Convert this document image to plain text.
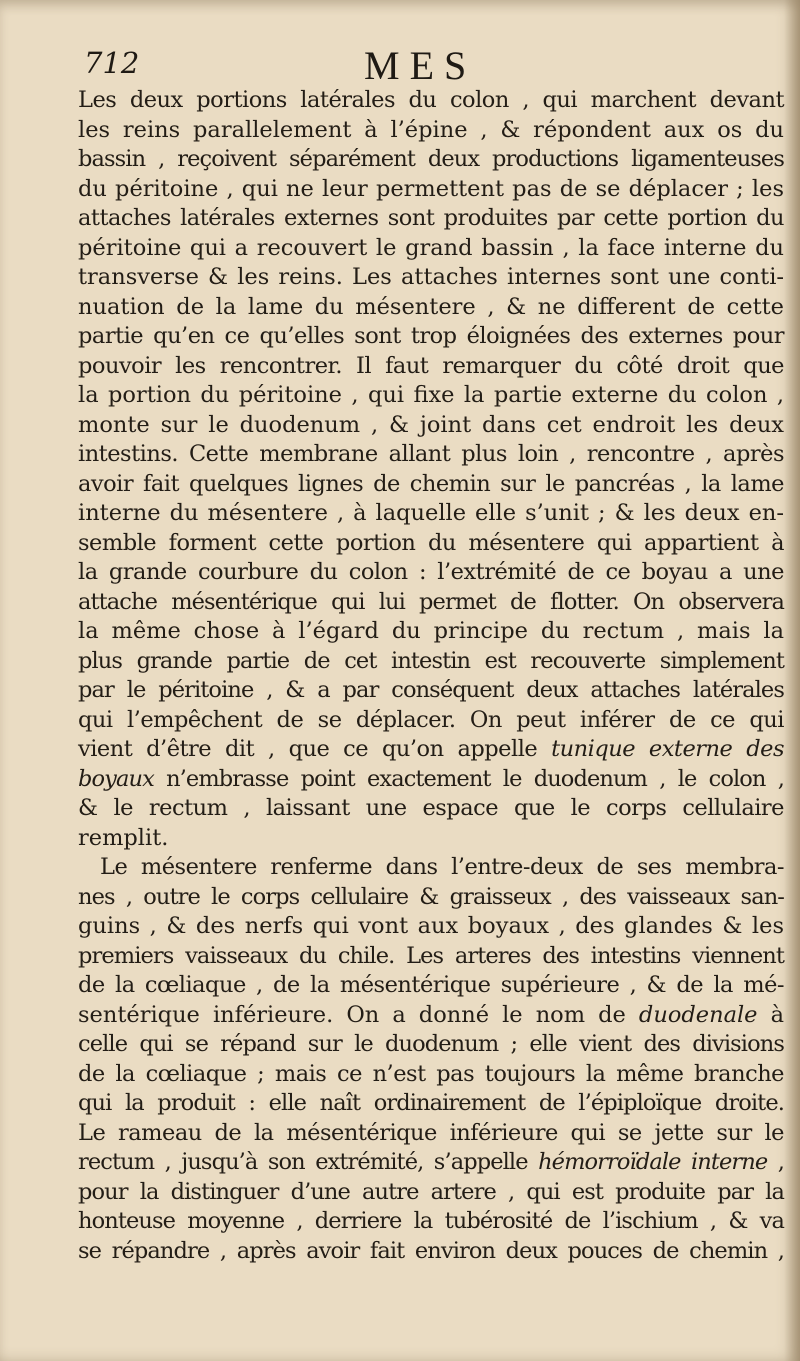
712	MES
Les deux portions latérales du colon , qui marchent devant
les reins parallelement à l’épine , & répondent aux os du
bassin , reçoivent séparément deux productions ligamenteuses
du péritoine , qui ne leur permettent pas de se déplacer ; les
attaches latérales externes sont produites par cette portion du
péritoine qui a recouvert le grand bassin , la face interne du
transverse & les reins. Les attaches internes sont une conti-
nuation de la lame du mésentere , & ne different de cette
partie qu’en ce qu’elles sont trop éloignées des externes pour
pouvoir les rencontrer. Il faut remarquer du côté droit que
la portion du péritoine , qui fixe la partie externe du colon ,
monte sur le duodenum , & joint dans cet endroit les deux
intestins. Cette membrane allant plus loin , rencontre , après
avoir fait quelques lignes de chemin sur le pancréas , la lame
interne du mésentere , à laquelle elle s’unit ; & les deux en-
semble forment cette portion du mésentere qui appartient à
la grande courbure du colon : l’extrémité de ce boyau a une
attache mésentérique qui lui permet de flotter. On observera
la même chose à l’égard du principe du rectum , mais la
plus grande partie de cet intestin est recouverte simplement
par le péritoine , & a par conséquent deux attaches latérales
qui l’empêchent de se déplacer. On peut inférer de ce qui
vient d’être dit , que ce qu’on appelle tunique externe des
boyaux n’embrasse point exactement le duodenum , le colon ,
& le rectum , laissant une espace que le corps cellulaire
remplit.
Le mésentere renferme dans l’entre-deux de ses membra-
nes , outre le corps cellulaire & graisseux , des vaisseaux san-
guins , & des nerfs qui vont aux boyaux , des glandes & les
premiers vaisseaux du chile. Les arteres des intestins viennent
de la cœliaque , de la mésentérique supérieure , & de la mé-
sentérique inférieure. On a donné le nom de duodenale à
celle qui se répand sur le duodenum ; elle vient des divisions
de la cœliaque ; mais ce n’est pas toujours la même branche
qui la produit : elle naît ordinairement de l’épiploïque droite.
Le rameau de la mésentérique inférieure qui se jette sur le
rectum , jusqu’à son extrémité, s’appelle hémorroïdale interne ,
pour la distinguer d’une autre artere , qui est produite par la
honteuse moyenne , derriere la tubérosité de l’ischium , & va
se répandre , après avoir fait environ deux pouces de chemin ,
